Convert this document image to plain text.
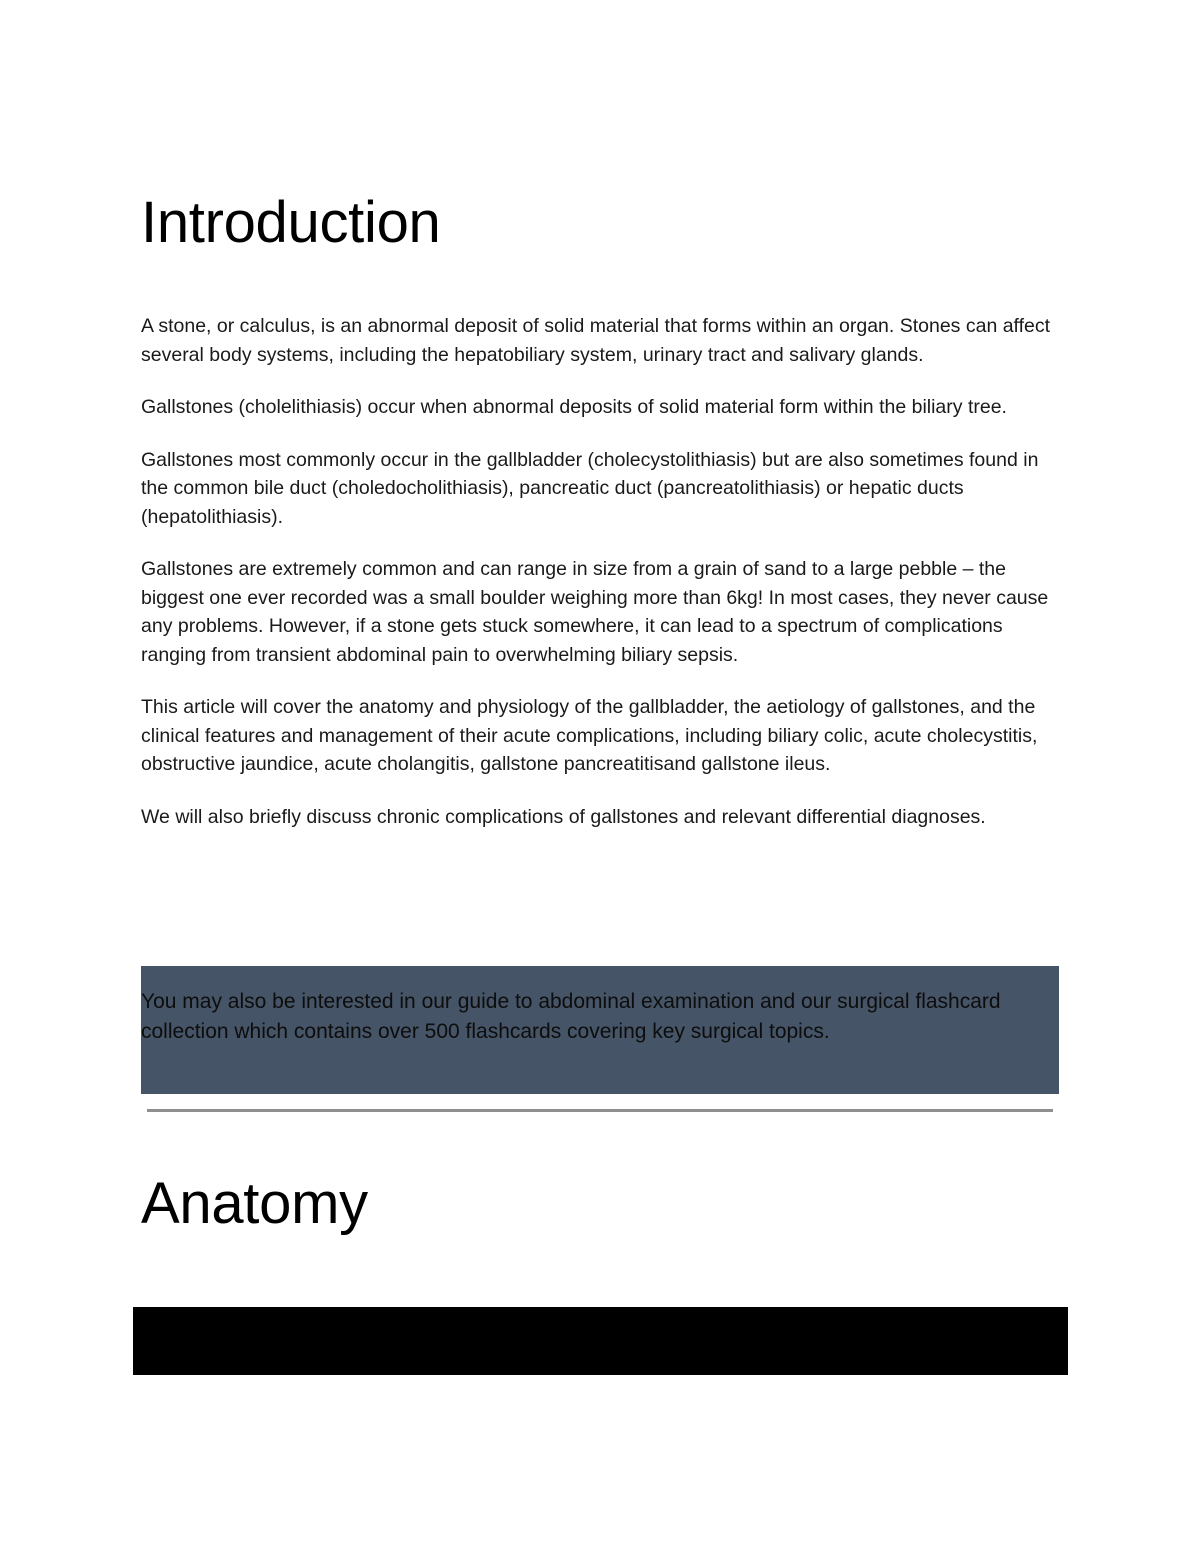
Introduction

A stone, or calculus, is an abnormal deposit of solid material that forms within an organ. Stones can affect several body systems, including the hepatobiliary system, urinary tract and salivary glands.

Gallstones (cholelithiasis) occur when abnormal deposits of solid material form within the biliary tree.

Gallstones most commonly occur in the gallbladder (cholecystolithiasis) but are also sometimes found in the common bile duct (choledocholithiasis), pancreatic duct (pancreatolithiasis) or hepatic ducts (hepatolithiasis).

Gallstones are extremely common and can range in size from a grain of sand to a large pebble – the biggest one ever recorded was a small boulder weighing more than 6kg! In most cases, they never cause any problems. However, if a stone gets stuck somewhere, it can lead to a spectrum of complications ranging from transient abdominal pain to overwhelming biliary sepsis.

This article will cover the anatomy and physiology of the gallbladder, the aetiology of gallstones, and the clinical features and management of their acute complications, including biliary colic, acute cholecystitis, obstructive jaundice, acute cholangitis, gallstone pancreatitisand gallstone ileus.

We will also briefly discuss chronic complications of gallstones and relevant differential diagnoses.

You may also be interested in our guide to abdominal examination and our surgical flashcard collection which contains over 500 flashcards covering key surgical topics.

Anatomy
